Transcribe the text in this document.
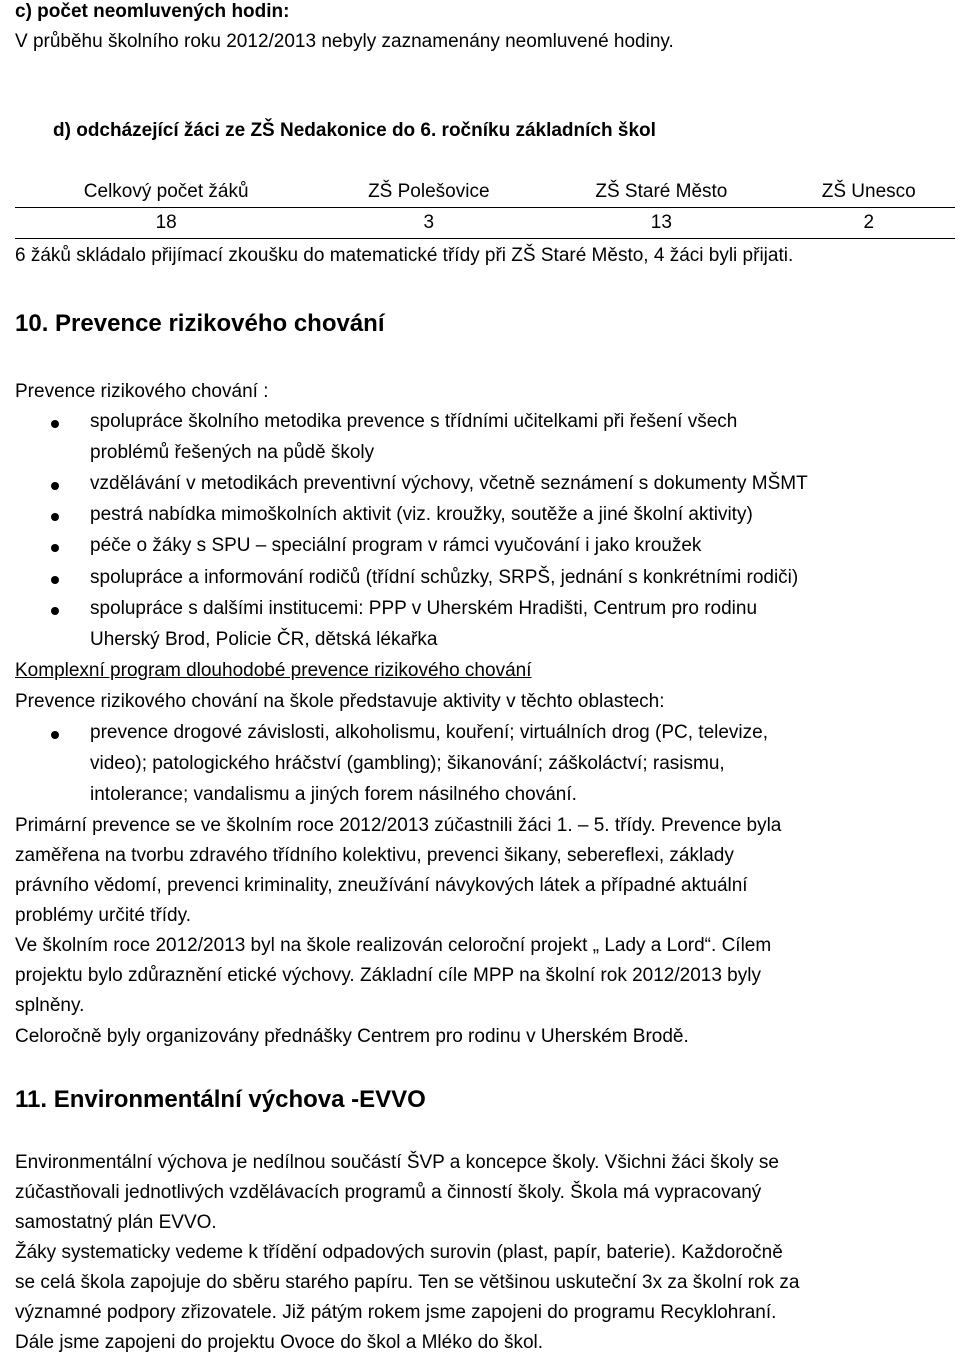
c) počet neomluvených hodin:
V průběhu školního roku 2012/2013 nebyly zaznamenány neomluvené hodiny.
d) odcházející žáci ze ZŠ Nedakonice do 6. ročníku základních škol
Celkový počet žáků	ZŠ Polešovice	ZŠ Staré Město	ZŠ Unesco
18	3	13	2
6 žáků skládalo přijímací zkoušku do matematické třídy při ZŠ Staré Město, 4 žáci byli přijati.
10. Prevence rizikového chování
Prevence rizikového chování :
spolupráce školního metodika prevence s třídními učitelkami při řešení všech
problémů řešených na půdě školy
vzdělávání v metodikách preventivní výchovy, včetně seznámení s dokumenty MŠMT
pestrá nabídka mimoškolních aktivit (viz. kroužky, soutěže a jiné školní aktivity)
péče o žáky s SPU – speciální program v rámci vyučování i jako kroužek
spolupráce a informování rodičů (třídní schůzky, SRPŠ, jednání s konkrétními rodiči)
spolupráce s dalšími institucemi: PPP v Uherském Hradišti, Centrum pro rodinu
Uherský Brod, Policie ČR, dětská lékařka
Komplexní program dlouhodobé prevence rizikového chování
Prevence rizikového chování na škole představuje aktivity v těchto oblastech:
prevence drogové závislosti, alkoholismu, kouření; virtuálních drog (PC, televize,
video); patologického hráčství (gambling); šikanování; záškoláctví; rasismu,
intolerance; vandalismu a jiných forem násilného chování.
Primární prevence se ve školním roce 2012/2013 zúčastnili žáci 1. – 5. třídy. Prevence byla
zaměřena na tvorbu zdravého třídního kolektivu, prevenci šikany, sebereflexi, základy
právního vědomí, prevenci kriminality, zneužívání návykových látek a případné aktuální
problémy určité třídy.
Ve školním roce 2012/2013 byl na škole realizován celoroční projekt „ Lady a Lord“. Cílem
projektu bylo zdůraznění etické výchovy. Základní cíle MPP na školní rok 2012/2013 byly
splněny.
Celoročně byly organizovány přednášky Centrem pro rodinu v Uherském Brodě.
11. Environmentální výchova -EVVO
Environmentální výchova je nedílnou součástí ŠVP a koncepce školy. Všichni žáci školy se
zúčastňovali jednotlivých vzdělávacích programů a činností školy. Škola má vypracovaný
samostatný plán EVVO.
Žáky systematicky vedeme k třídění odpadových surovin (plast, papír, baterie). Každoročně
se celá škola zapojuje do sběru starého papíru. Ten se většinou uskuteční 3x za školní rok za
významné podpory zřizovatele. Již pátým rokem jsme zapojeni do programu Recyklohraní.
Dále jsme zapojeni do projektu Ovoce do škol a Mléko do škol.
